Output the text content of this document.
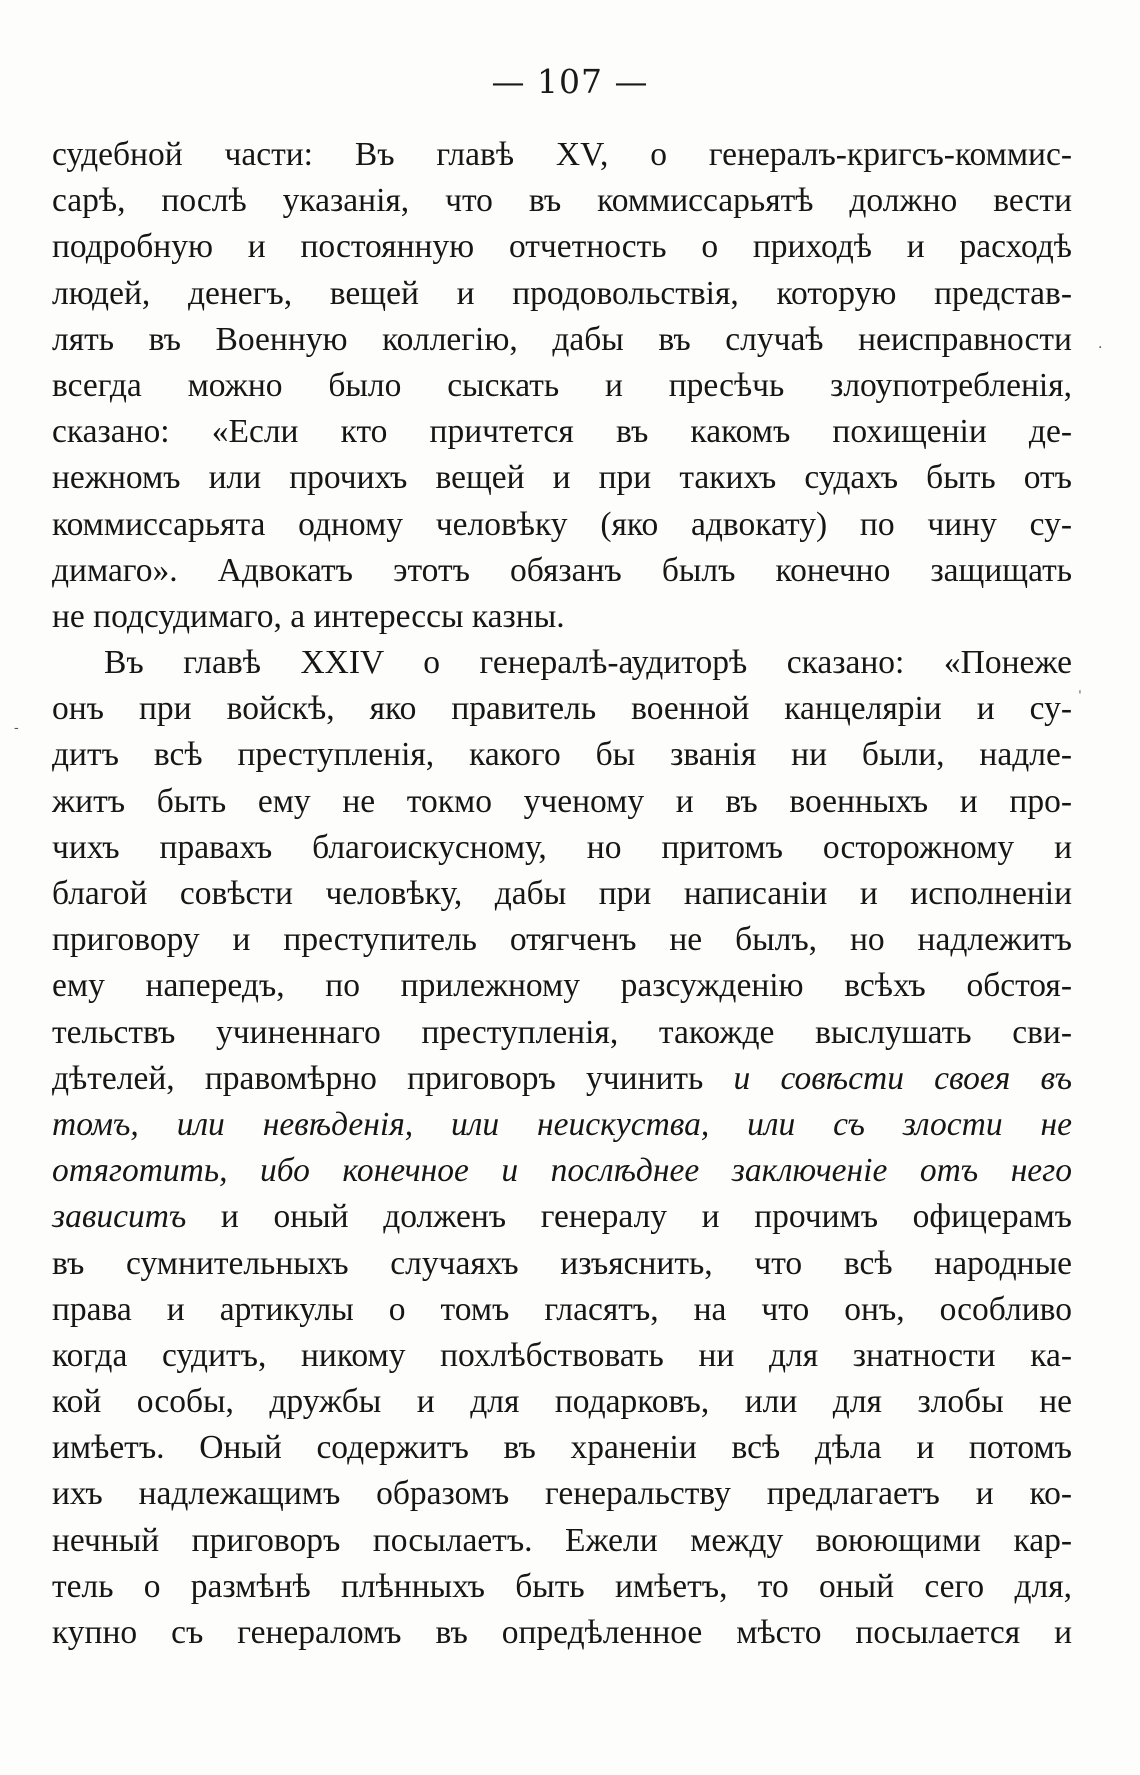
— 107 —
судебной части: Въ главѣ XV, о генералъ-кригсъ-коммис-
сарѣ, послѣ указанія, что въ коммиссарьятѣ должно вести
подробную и постоянную отчетность о приходѣ и расходѣ
людей, денегъ, вещей и продовольствія, которую представ-
лять въ Военную коллегію, дабы въ случаѣ неисправности
всегда можно было сыскать и пресѣчь злоупотребленія,
сказано: «Если кто причтется въ какомъ похищеніи де-
нежномъ или прочихъ вещей и при такихъ судахъ быть отъ
коммиссарьята одному человѣку (яко адвокату) по чину су-
димаго». Адвокатъ этотъ обязанъ былъ конечно защищать
не подсудимаго, а интерессы казны.
Въ главѣ XXIV о генералѣ-аудиторѣ сказано: «Понеже
онъ при войскѣ, яко правитель военной канцеляріи и су-
дитъ всѣ преступленія, какого бы званія ни были, надле-
житъ быть ему не токмо ученому и въ военныхъ и про-
чихъ правахъ благоискусному, но притомъ осторожному и
благой совѣсти человѣку, дабы при написаніи и исполненіи
приговору и преступитель отягченъ не былъ, но надлежитъ
ему напередъ, по прилежному разсужденію всѣхъ обстоя-
тельствъ учиненнаго преступленія, такожде выслушать сви-
дѣтелей, правомѣрно приговоръ учинить и совѣсти своея въ
томъ, или невѣденія, или неискуства, или съ злости не
отяготить, ибо конечное и послѣднее заключеніе отъ него
зависитъ и оный долженъ генералу и прочимъ офицерамъ
въ сумнительныхъ случаяхъ изъяснить, что всѣ народные
права и артикулы о томъ гласятъ, на что онъ, особливо
когда судитъ, никому похлѣбствовать ни для знатности ка-
кой особы, дружбы и для подарковъ, или для злобы не
имѣетъ. Оный содержитъ въ храненіи всѣ дѣла и потомъ
ихъ надлежащимъ образомъ генеральству предлагаетъ и ко-
нечный приговоръ посылаетъ. Ежели между воюющими кар-
тель о размѣнѣ плѣнныхъ быть имѣетъ, то оный сего для,
купно съ генераломъ въ опредѣленное мѣсто посылается и
·
ˌ
-
